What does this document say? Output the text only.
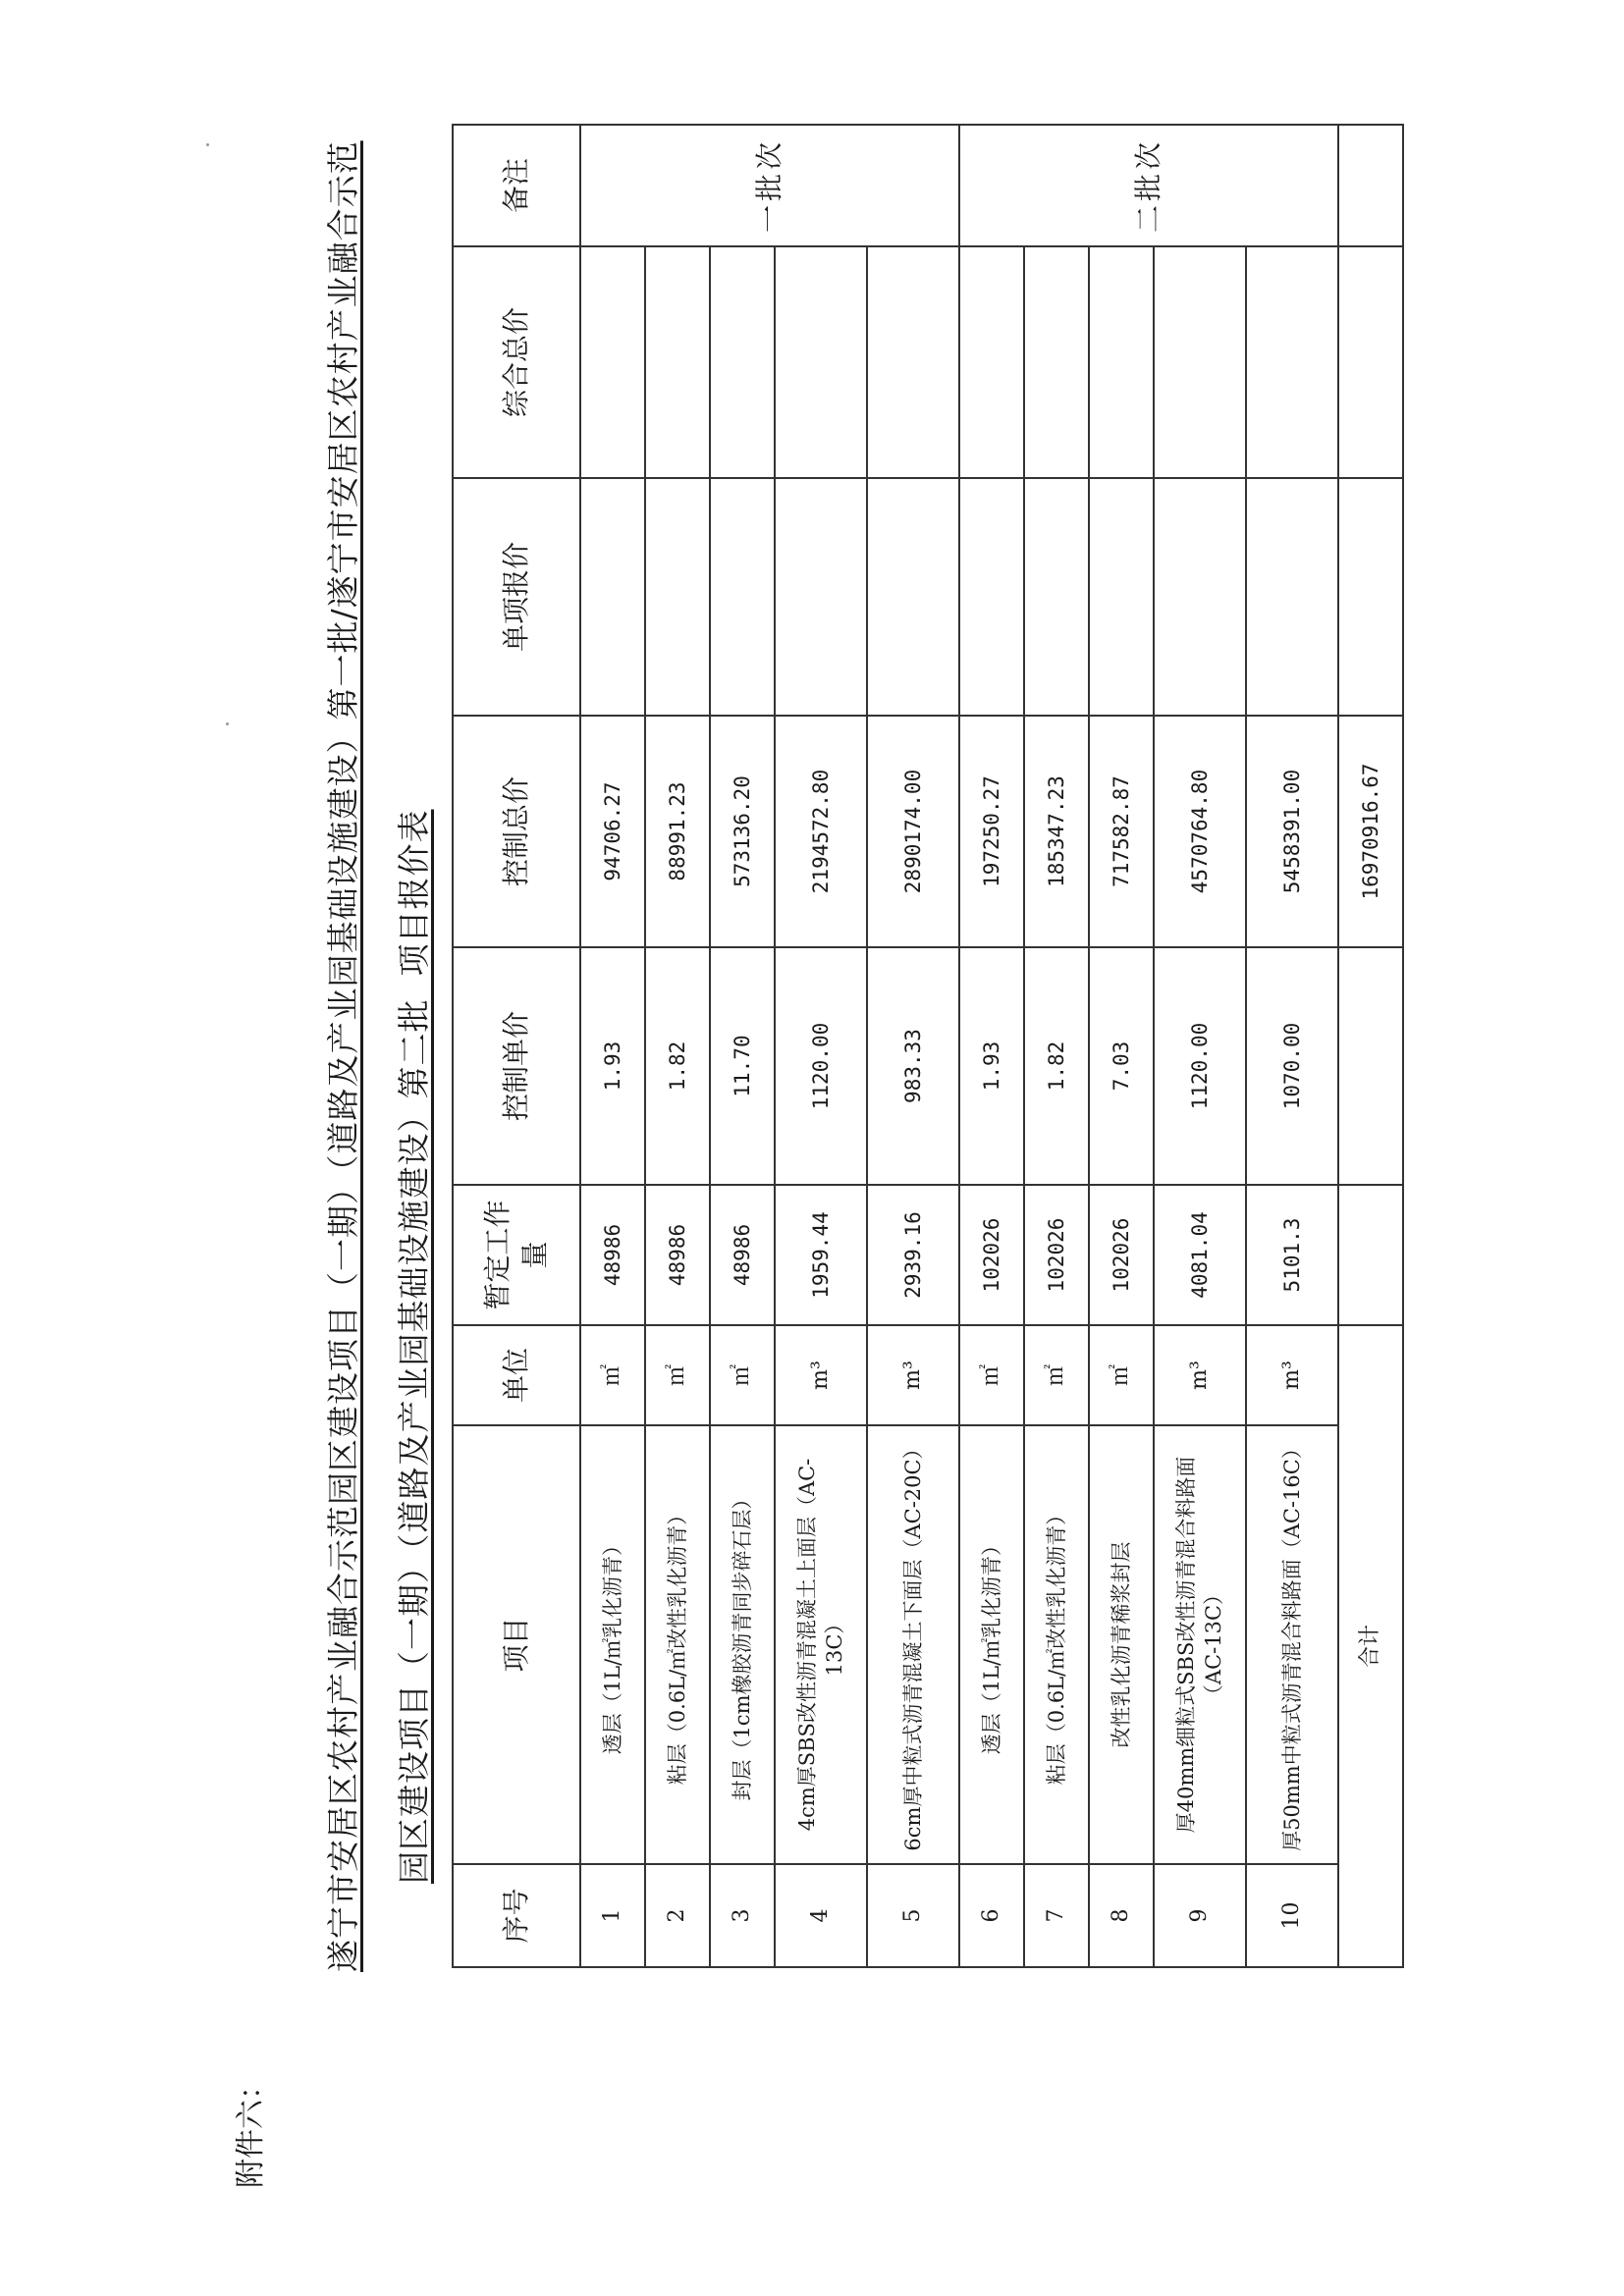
附件六：
遂宁市安居区农村产业融合示范园区建设项目（一期）（道路及产业园基础设施建设）第一批/遂宁市安居区农村产业融合示范 园区建设项目（一期）（道路及产业园基础设施建设）第二批  项目报价表
序号	项目	单位	暂定工作量	控制单价	控制总价	单项报价	综合总价	备注
1	透层（1L/㎡乳化沥青）	㎡	48986	1.93	94706.27			一批次
2	粘层（0.6L/㎡改性乳化沥青）	㎡	48986	1.82	88991.23			
3	封层（1cm橡胶沥青同步碎石层）	㎡	48986	11.70	573136.20			
4	4cm厚SBS改性沥青混凝土上面层（AC-13C）	m³	1959.44	1120.00	2194572.80			
5	6cm厚中粒式沥青混凝土下面层（AC-20C）	m³	2939.16	983.33	2890174.00			
6	透层（1L/㎡乳化沥青）	㎡	102026	1.93	197250.27			二批次
7	粘层（0.6L/㎡改性乳化沥青）	㎡	102026	1.82	185347.23			
8	改性乳化沥青稀浆封层	㎡	102026	7.03	717582.87			
9	厚40mm细粒式SBS改性沥青混合料路面（AC-13C）	m³	4081.04	1120.00	4570764.80			
10	厚50mm中粒式沥青混合料路面（AC-16C）	m³	5101.3	1070.00	5458391.00			
合计					16970916.67			
